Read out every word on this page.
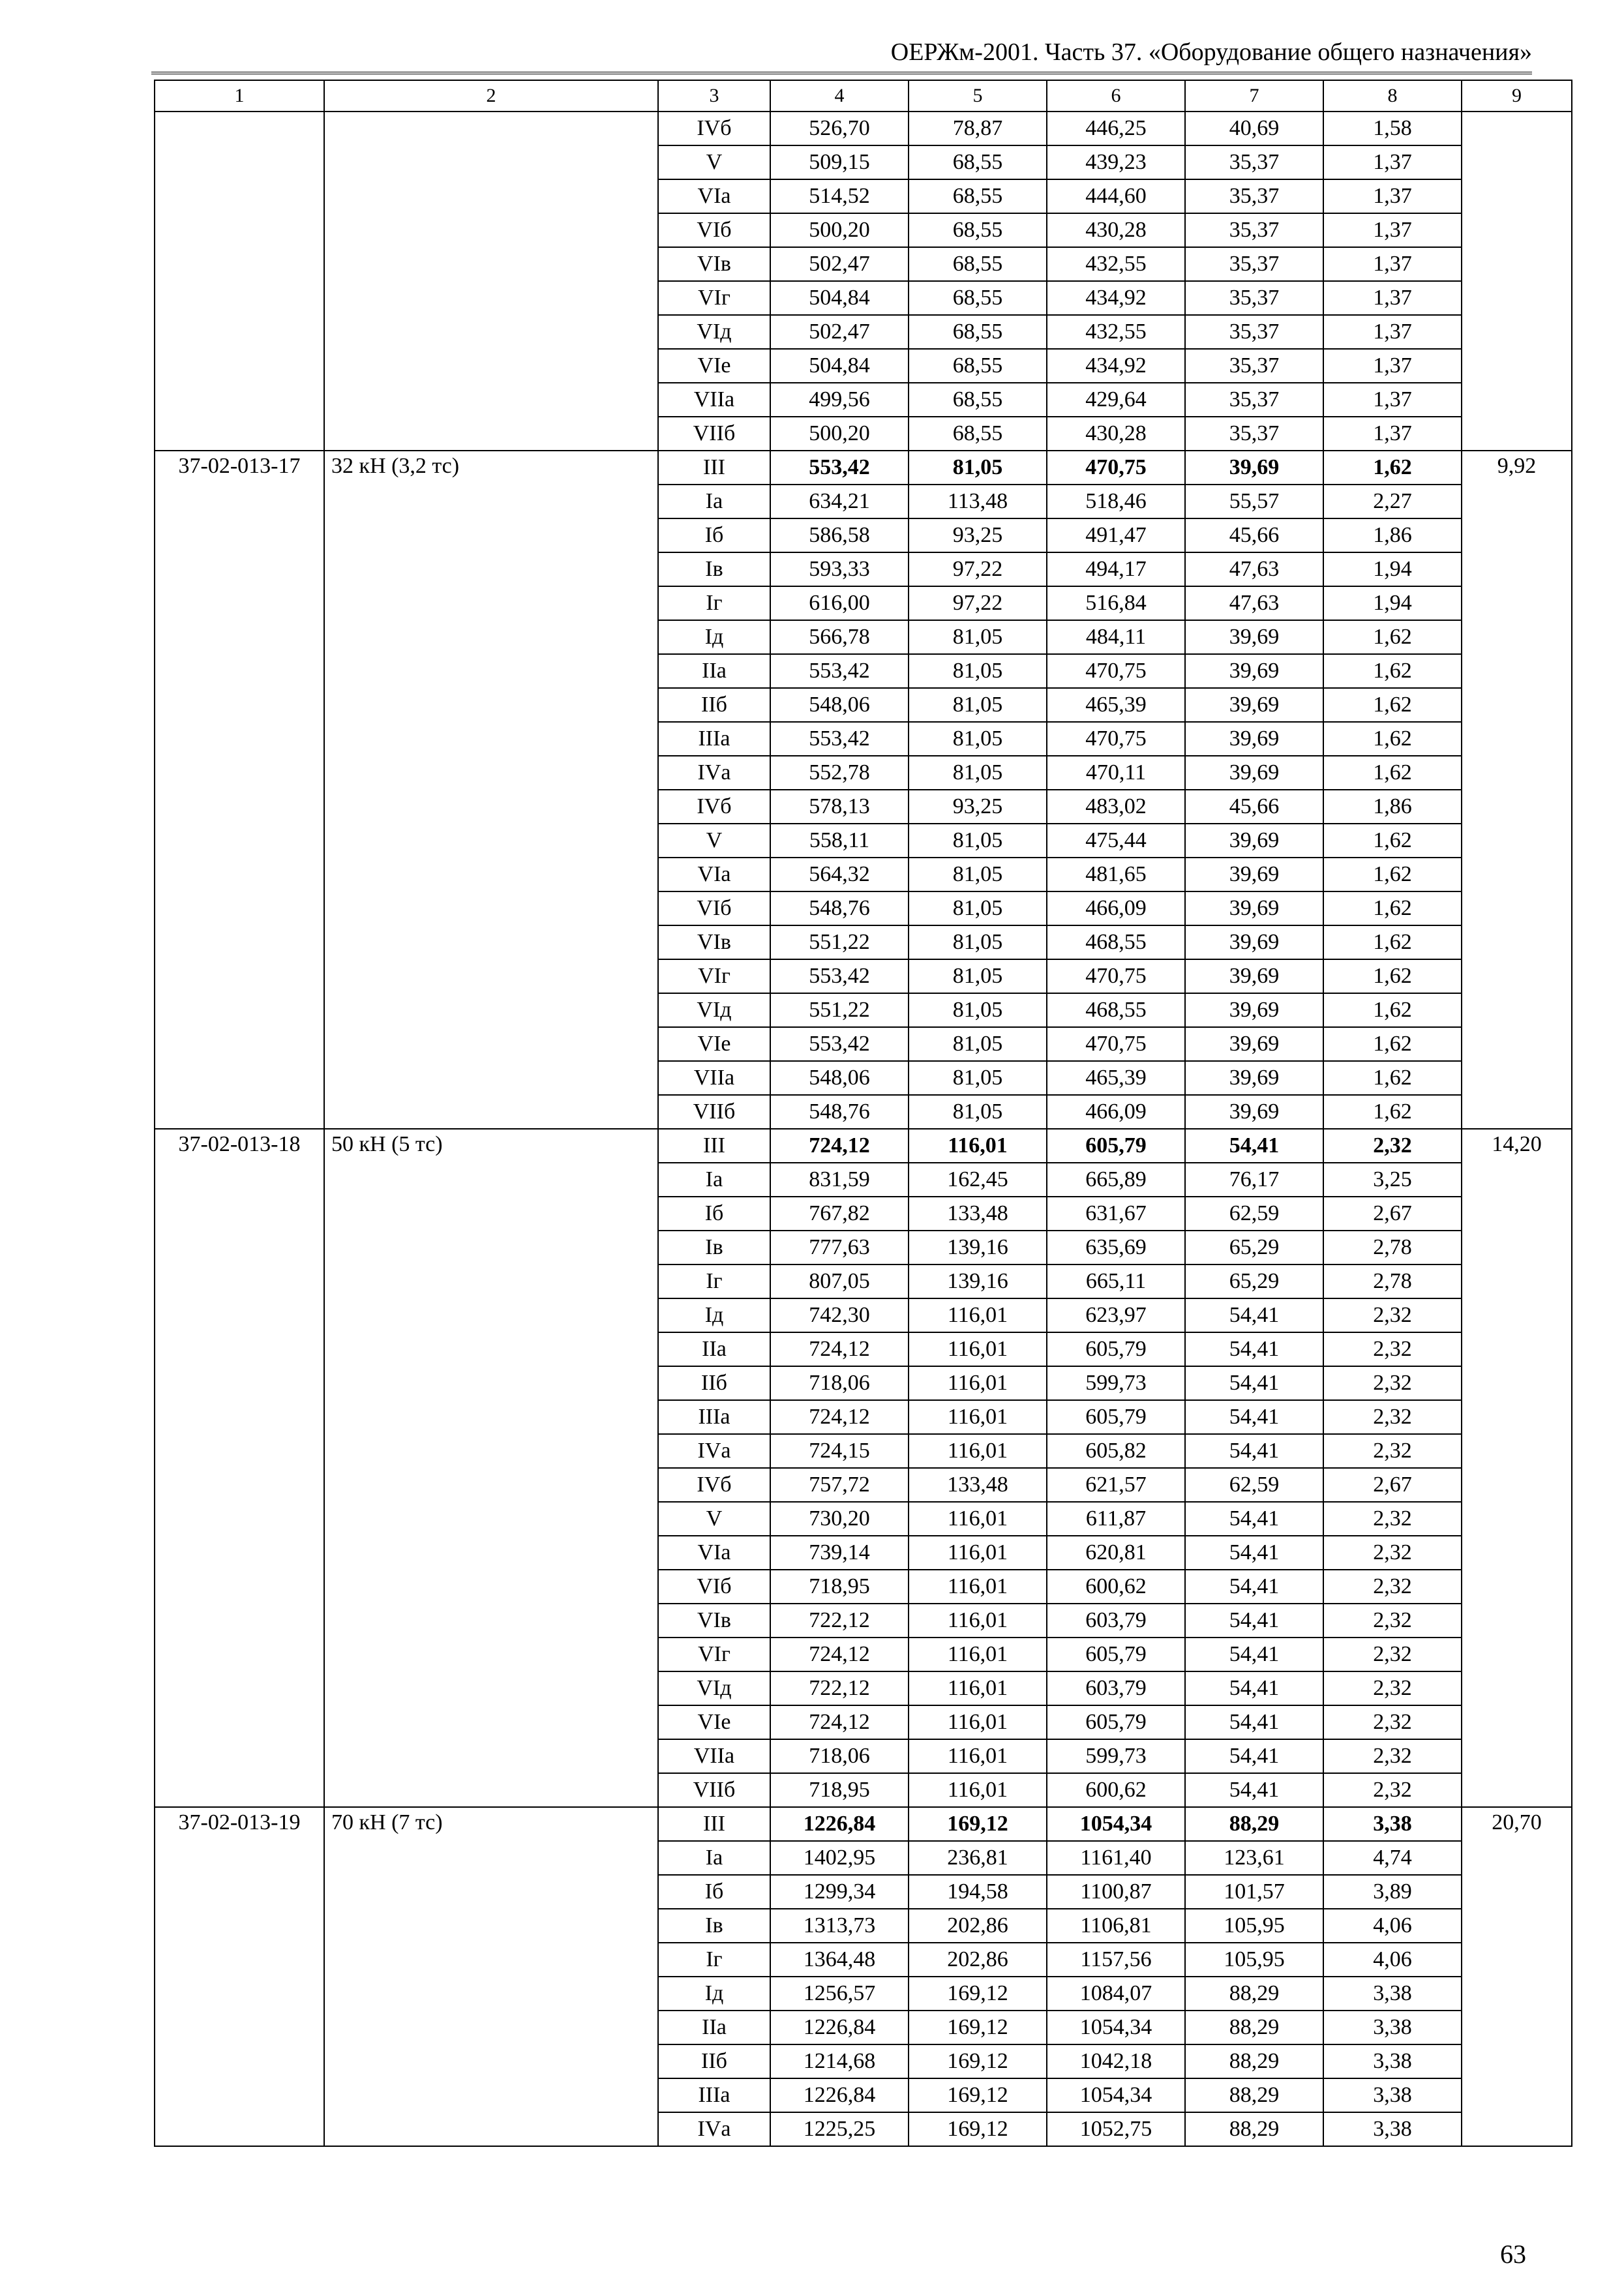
ОЕРЖм-2001. Часть 37. «Оборудование общего назначения»
1	2	3	4	5	6	7	8	9
		IVб	526,70	78,87	446,25	40,69	1,58	
		V	509,15	68,55	439,23	35,37	1,37	
		VIа	514,52	68,55	444,60	35,37	1,37	
		VIб	500,20	68,55	430,28	35,37	1,37	
		VIв	502,47	68,55	432,55	35,37	1,37	
		VIг	504,84	68,55	434,92	35,37	1,37	
		VIд	502,47	68,55	432,55	35,37	1,37	
		VIе	504,84	68,55	434,92	35,37	1,37	
		VIIа	499,56	68,55	429,64	35,37	1,37	
		VIIб	500,20	68,55	430,28	35,37	1,37	
37-02-013-17	32 кН (3,2 тс)	III	553,42	81,05	470,75	39,69	1,62	9,92
		Iа	634,21	113,48	518,46	55,57	2,27	
		Iб	586,58	93,25	491,47	45,66	1,86	
		Iв	593,33	97,22	494,17	47,63	1,94	
		Iг	616,00	97,22	516,84	47,63	1,94	
		Iд	566,78	81,05	484,11	39,69	1,62	
		IIа	553,42	81,05	470,75	39,69	1,62	
		IIб	548,06	81,05	465,39	39,69	1,62	
		IIIа	553,42	81,05	470,75	39,69	1,62	
		IVа	552,78	81,05	470,11	39,69	1,62	
		IVб	578,13	93,25	483,02	45,66	1,86	
		V	558,11	81,05	475,44	39,69	1,62	
		VIа	564,32	81,05	481,65	39,69	1,62	
		VIб	548,76	81,05	466,09	39,69	1,62	
		VIв	551,22	81,05	468,55	39,69	1,62	
		VIг	553,42	81,05	470,75	39,69	1,62	
		VIд	551,22	81,05	468,55	39,69	1,62	
		VIе	553,42	81,05	470,75	39,69	1,62	
		VIIа	548,06	81,05	465,39	39,69	1,62	
		VIIб	548,76	81,05	466,09	39,69	1,62	
37-02-013-18	50 кН (5 тс)	III	724,12	116,01	605,79	54,41	2,32	14,20
		Iа	831,59	162,45	665,89	76,17	3,25	
		Iб	767,82	133,48	631,67	62,59	2,67	
		Iв	777,63	139,16	635,69	65,29	2,78	
		Iг	807,05	139,16	665,11	65,29	2,78	
		Iд	742,30	116,01	623,97	54,41	2,32	
		IIа	724,12	116,01	605,79	54,41	2,32	
		IIб	718,06	116,01	599,73	54,41	2,32	
		IIIа	724,12	116,01	605,79	54,41	2,32	
		IVа	724,15	116,01	605,82	54,41	2,32	
		IVб	757,72	133,48	621,57	62,59	2,67	
		V	730,20	116,01	611,87	54,41	2,32	
		VIа	739,14	116,01	620,81	54,41	2,32	
		VIб	718,95	116,01	600,62	54,41	2,32	
		VIв	722,12	116,01	603,79	54,41	2,32	
		VIг	724,12	116,01	605,79	54,41	2,32	
		VIд	722,12	116,01	603,79	54,41	2,32	
		VIе	724,12	116,01	605,79	54,41	2,32	
		VIIа	718,06	116,01	599,73	54,41	2,32	
		VIIб	718,95	116,01	600,62	54,41	2,32	
37-02-013-19	70 кН (7 тс)	III	1226,84	169,12	1054,34	88,29	3,38	20,70
		Iа	1402,95	236,81	1161,40	123,61	4,74	
		Iб	1299,34	194,58	1100,87	101,57	3,89	
		Iв	1313,73	202,86	1106,81	105,95	4,06	
		Iг	1364,48	202,86	1157,56	105,95	4,06	
		Iд	1256,57	169,12	1084,07	88,29	3,38	
		IIа	1226,84	169,12	1054,34	88,29	3,38	
		IIб	1214,68	169,12	1042,18	88,29	3,38	
		IIIа	1226,84	169,12	1054,34	88,29	3,38	
		IVа	1225,25	169,12	1052,75	88,29	3,38	
63
